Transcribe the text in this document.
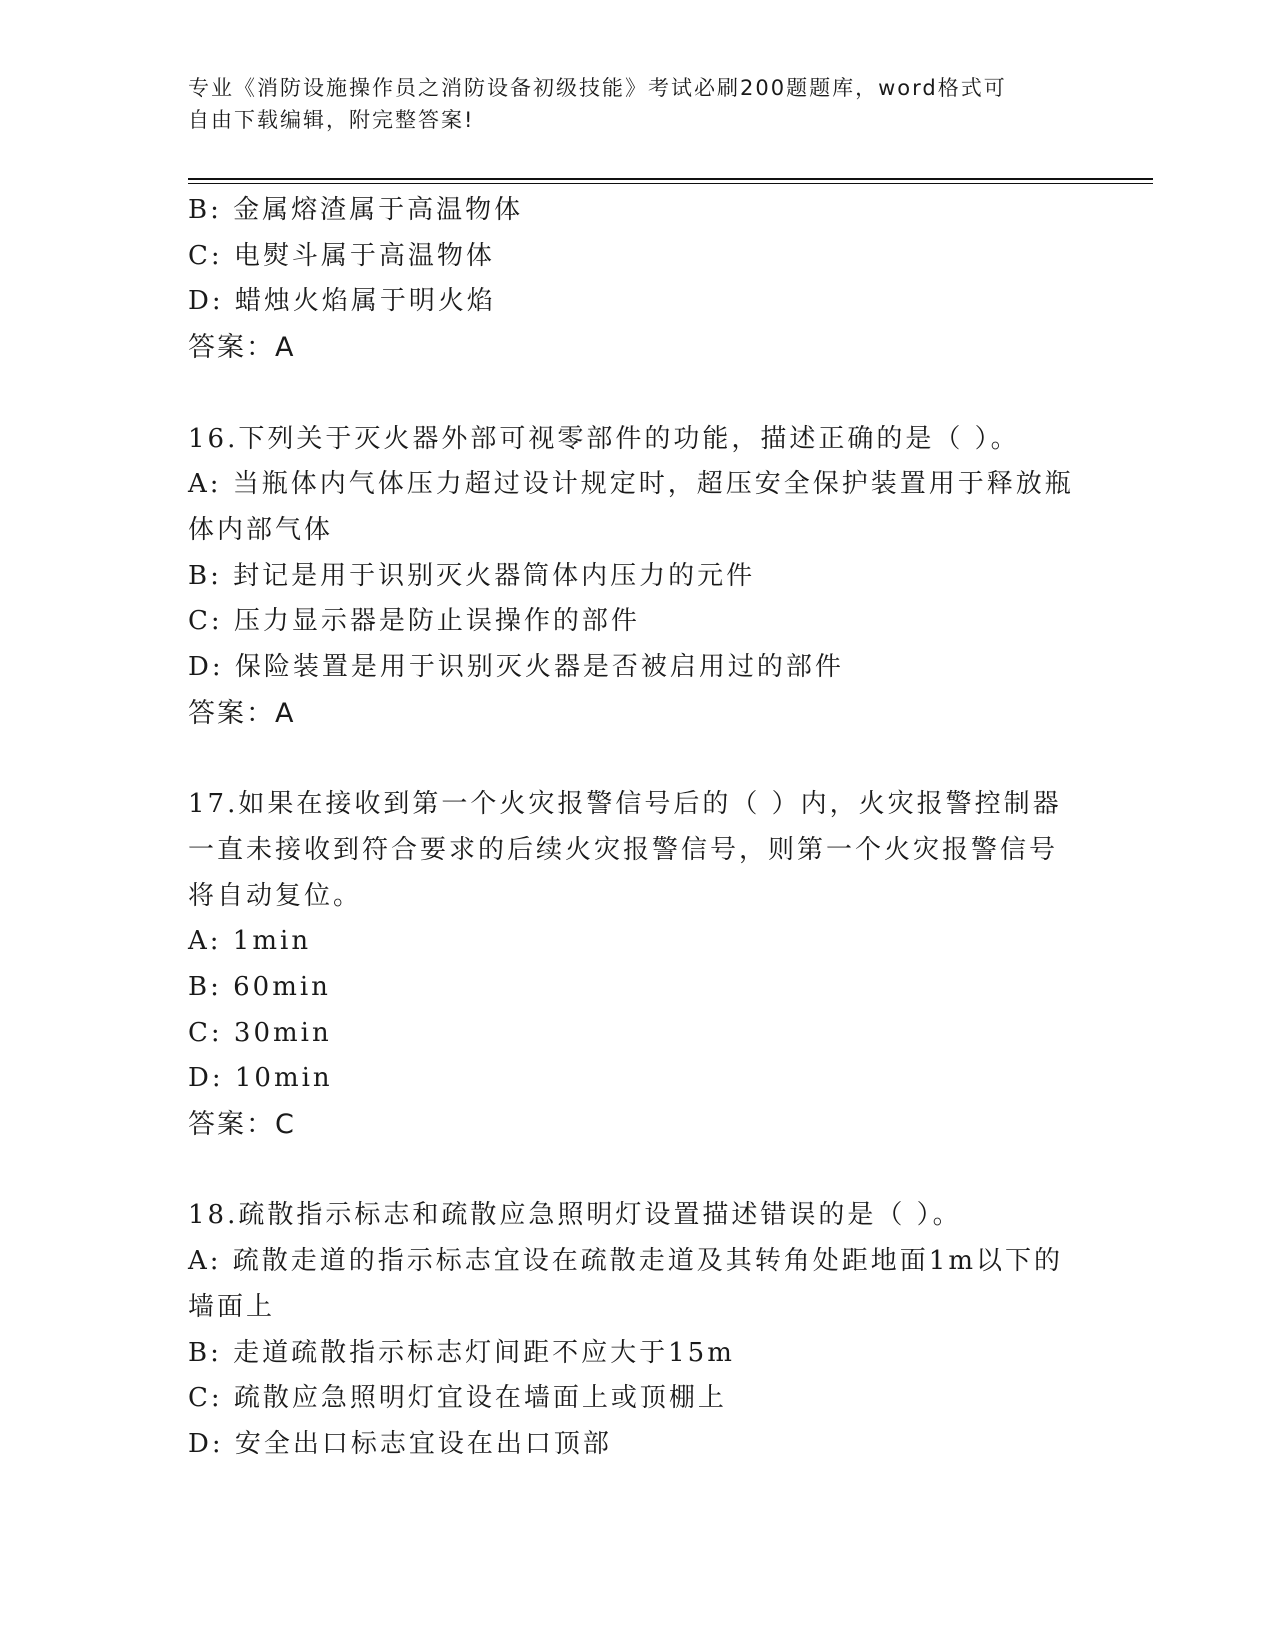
专业《消防设施操作员之消防设备初级技能》考试必刷200题题库，word格式可
自由下载编辑，附完整答案!
B: 金属熔渣属于高温物体
C: 电熨斗属于高温物体
D: 蜡烛火焰属于明火焰
答案：A
16.下列关于灭火器外部可视零部件的功能，描述正确的是（ ）。
A: 当瓶体内气体压力超过设计规定时，超压安全保护装置用于释放瓶
体内部气体
B: 封记是用于识别灭火器筒体内压力的元件
C: 压力显示器是防止误操作的部件
D: 保险装置是用于识别灭火器是否被启用过的部件
答案：A
17.如果在接收到第一个火灾报警信号后的（ ）内，火灾报警控制器
一直未接收到符合要求的后续火灾报警信号，则第一个火灾报警信号
将自动复位。
A: 1min
B: 60min
C: 30min
D: 10min
答案：C
18.疏散指示标志和疏散应急照明灯设置描述错误的是（ ）。
A: 疏散走道的指示标志宜设在疏散走道及其转角处距地面1m以下的
墙面上
B: 走道疏散指示标志灯间距不应大于15m
C: 疏散应急照明灯宜设在墙面上或顶棚上
D: 安全出口标志宜设在出口顶部
